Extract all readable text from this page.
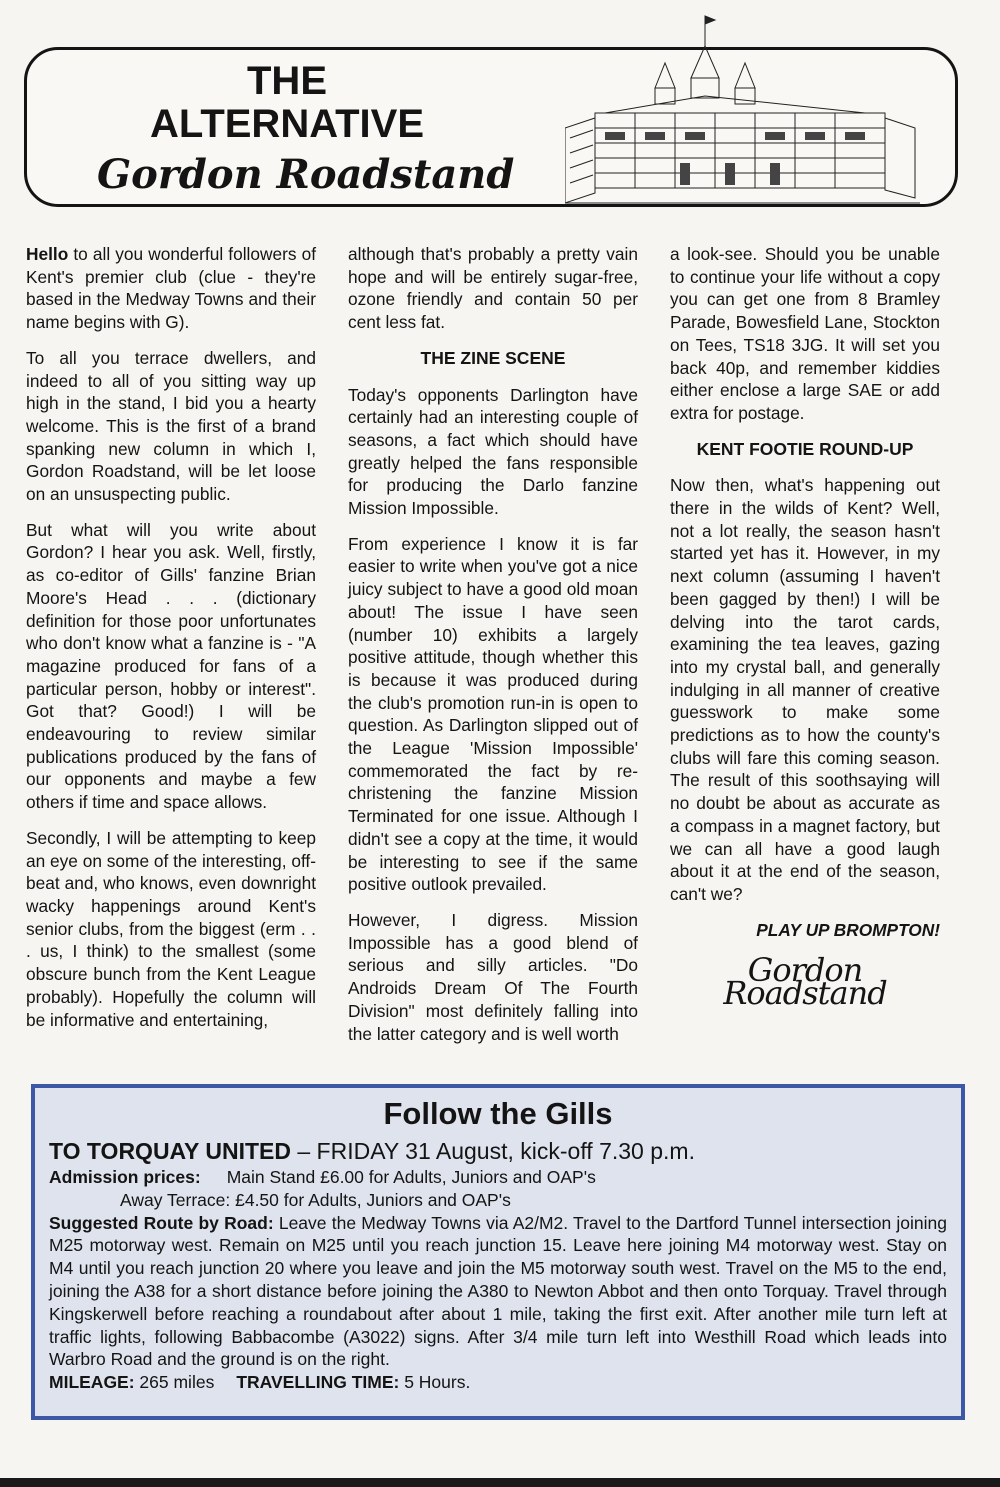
THE
ALTERNATIVE
Gordon Roadstand

Hello to all you wonderful followers of Kent's premier club (clue - they're based in the Medway Towns and their name begins with G).

To all you terrace dwellers, and indeed to all of you sitting way up high in the stand, I bid you a hearty welcome. This is the first of a brand spanking new column in which I, Gordon Roadstand, will be let loose on an unsuspecting public.

But what will you write about Gordon? I hear you ask. Well, firstly, as co-editor of Gills' fanzine Brian Moore's Head . . . (dictionary definition for those poor unfortunates who don't know what a fanzine is - "A magazine produced for fans of a particular person, hobby or interest". Got that? Good!) I will be endeavouring to review similar publications produced by the fans of our opponents and maybe a few others if time and space allows.

Secondly, I will be attempting to keep an eye on some of the interesting, off-beat and, who knows, even downright wacky happenings around Kent's senior clubs, from the biggest (erm . . . us, I think) to the smallest (some obscure bunch from the Kent League probably). Hopefully the column will be informative and entertaining,

although that's probably a pretty vain hope and will be entirely sugar-free, ozone friendly and contain 50 per cent less fat.

THE ZINE SCENE

Today's opponents Darlington have certainly had an interesting couple of seasons, a fact which should have greatly helped the fans responsible for producing the Darlo fanzine Mission Impossible.

From experience I know it is far easier to write when you've got a nice juicy subject to have a good old moan about! The issue I have seen (number 10) exhibits a largely positive attitude, though whether this is because it was produced during the club's promotion run-in is open to question. As Darlington slipped out of the League 'Mission Impossible' commemorated the fact by re-christening the fanzine Mission Terminated for one issue. Although I didn't see a copy at the time, it would be interesting to see if the same positive outlook prevailed.

However, I digress. Mission Impossible has a good blend of serious and silly articles. "Do Androids Dream Of The Fourth Division" most definitely falling into the latter category and is well worth

a look-see. Should you be unable to continue your life without a copy you can get one from 8 Bramley Parade, Bowesfield Lane, Stockton on Tees, TS18 3JG. It will set you back 40p, and remember kiddies either enclose a large SAE or add extra for postage.

KENT FOOTIE ROUND-UP

Now then, what's happening out there in the wilds of Kent? Well, not a lot really, the season hasn't started yet has it. However, in my next column (assuming I haven't been gagged by then!) I will be delving into the tarot cards, examining the tea leaves, gazing into my crystal ball, and generally indulging in all manner of creative guesswork to make some predictions as to how the county's clubs will fare this coming season. The result of this soothsaying will no doubt be about as accurate as a compass in a magnet factory, but we can all have a good laugh about it at the end of the season, can't we?

PLAY UP BROMPTON!
Gordon Roadstand
Follow the Gills
TO TORQUAY UNITED – FRIDAY 31 August, kick-off 7.30 p.m.
Admission prices: Main Stand £6.00 for Adults, Juniors and OAP's
Away Terrace: £4.50 for Adults, Juniors and OAP's
Suggested Route by Road: Leave the Medway Towns via A2/M2. Travel to the Dartford Tunnel intersection joining M25 motorway west. Remain on M25 until you reach junction 15. Leave here joining M4 motorway west. Stay on M4 until you reach junction 20 where you leave and join the M5 motorway south west. Travel on the M5 to the end, joining the A38 for a short distance before joining the A380 to Newton Abbot and then onto Torquay. Travel through Kingskerwell before reaching a roundabout after about 1 mile, taking the first exit. After another mile turn left at traffic lights, following Babbacombe (A3022) signs. After 3/4 mile turn left into Westhill Road which leads into Warbro Road and the ground is on the right.
MILEAGE: 265 miles TRAVELLING TIME: 5 Hours.
